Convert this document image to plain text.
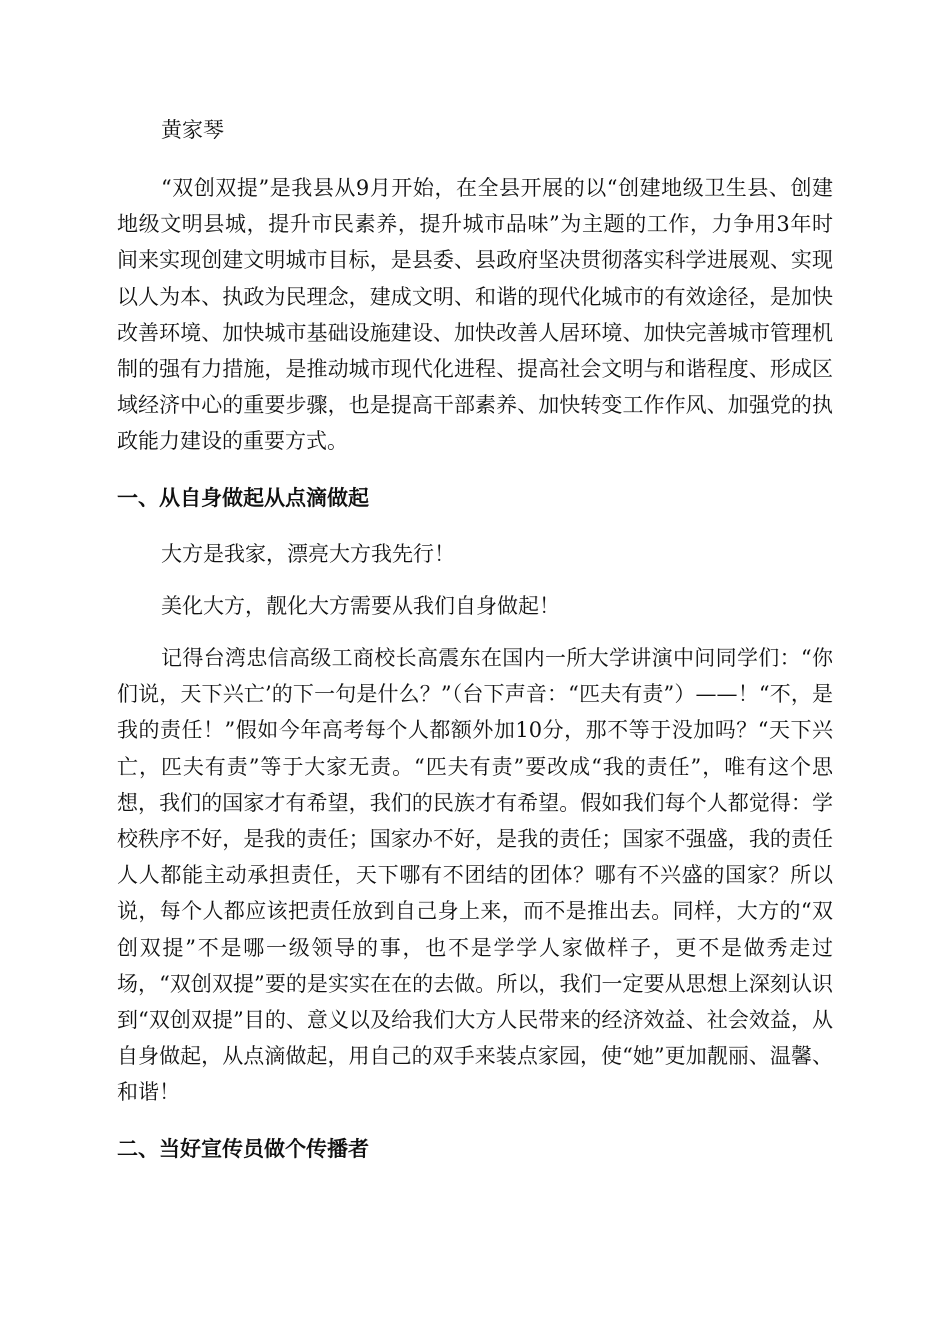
黄家琴

“双创双提”是我县从9月开始，在全县开展的以“创建地级卫生县、创建地级文明县城，提升市民素养，提升城市品味”为主题的工作，力争用3年时间来实现创建文明城市目标，是县委、县政府坚决贯彻落实科学进展观、实现以人为本、执政为民理念，建成文明、和谐的现代化城市的有效途径，是加快改善环境、加快城市基础设施建设、加快改善人居环境、加快完善城市管理机制的强有力措施，是推动城市现代化进程、提高社会文明与和谐程度、形成区域经济中心的重要步骤，也是提高干部素养、加快转变工作作风、加强党的执政能力建设的重要方式。

一、从自身做起从点滴做起

大方是我家，漂亮大方我先行！

美化大方，靓化大方需要从我们自身做起！

记得台湾忠信高级工商校长高震东在国内一所大学讲演中问同学们：“你们说，天下兴亡’的下一句是什么？”（台下声音：“匹夫有责”）——！“不，是我的责任！”假如今年高考每个人都额外加10分，那不等于没加吗？“天下兴亡，匹夫有责”等于大家无责。“匹夫有责”要改成“我的责任”，唯有这个思想，我们的国家才有希望，我们的民族才有希望。假如我们每个人都觉得：学校秩序不好，是我的责任；国家办不好，是我的责任；国家不强盛，我的责任人人都能主动承担责任，天下哪有不团结的团体？哪有不兴盛的国家？所以说，每个人都应该把责任放到自己身上来，而不是推出去。同样，大方的“双创双提”不是哪一级领导的事，也不是学学人家做样子，更不是做秀走过场，“双创双提”要的是实实在在的去做。所以，我们一定要从思想上深刻认识到“双创双提”目的、意义以及给我们大方人民带来的经济效益、社会效益，从自身做起，从点滴做起，用自己的双手来装点家园，使“她”更加靓丽、温馨、和谐！

二、当好宣传员做个传播者
